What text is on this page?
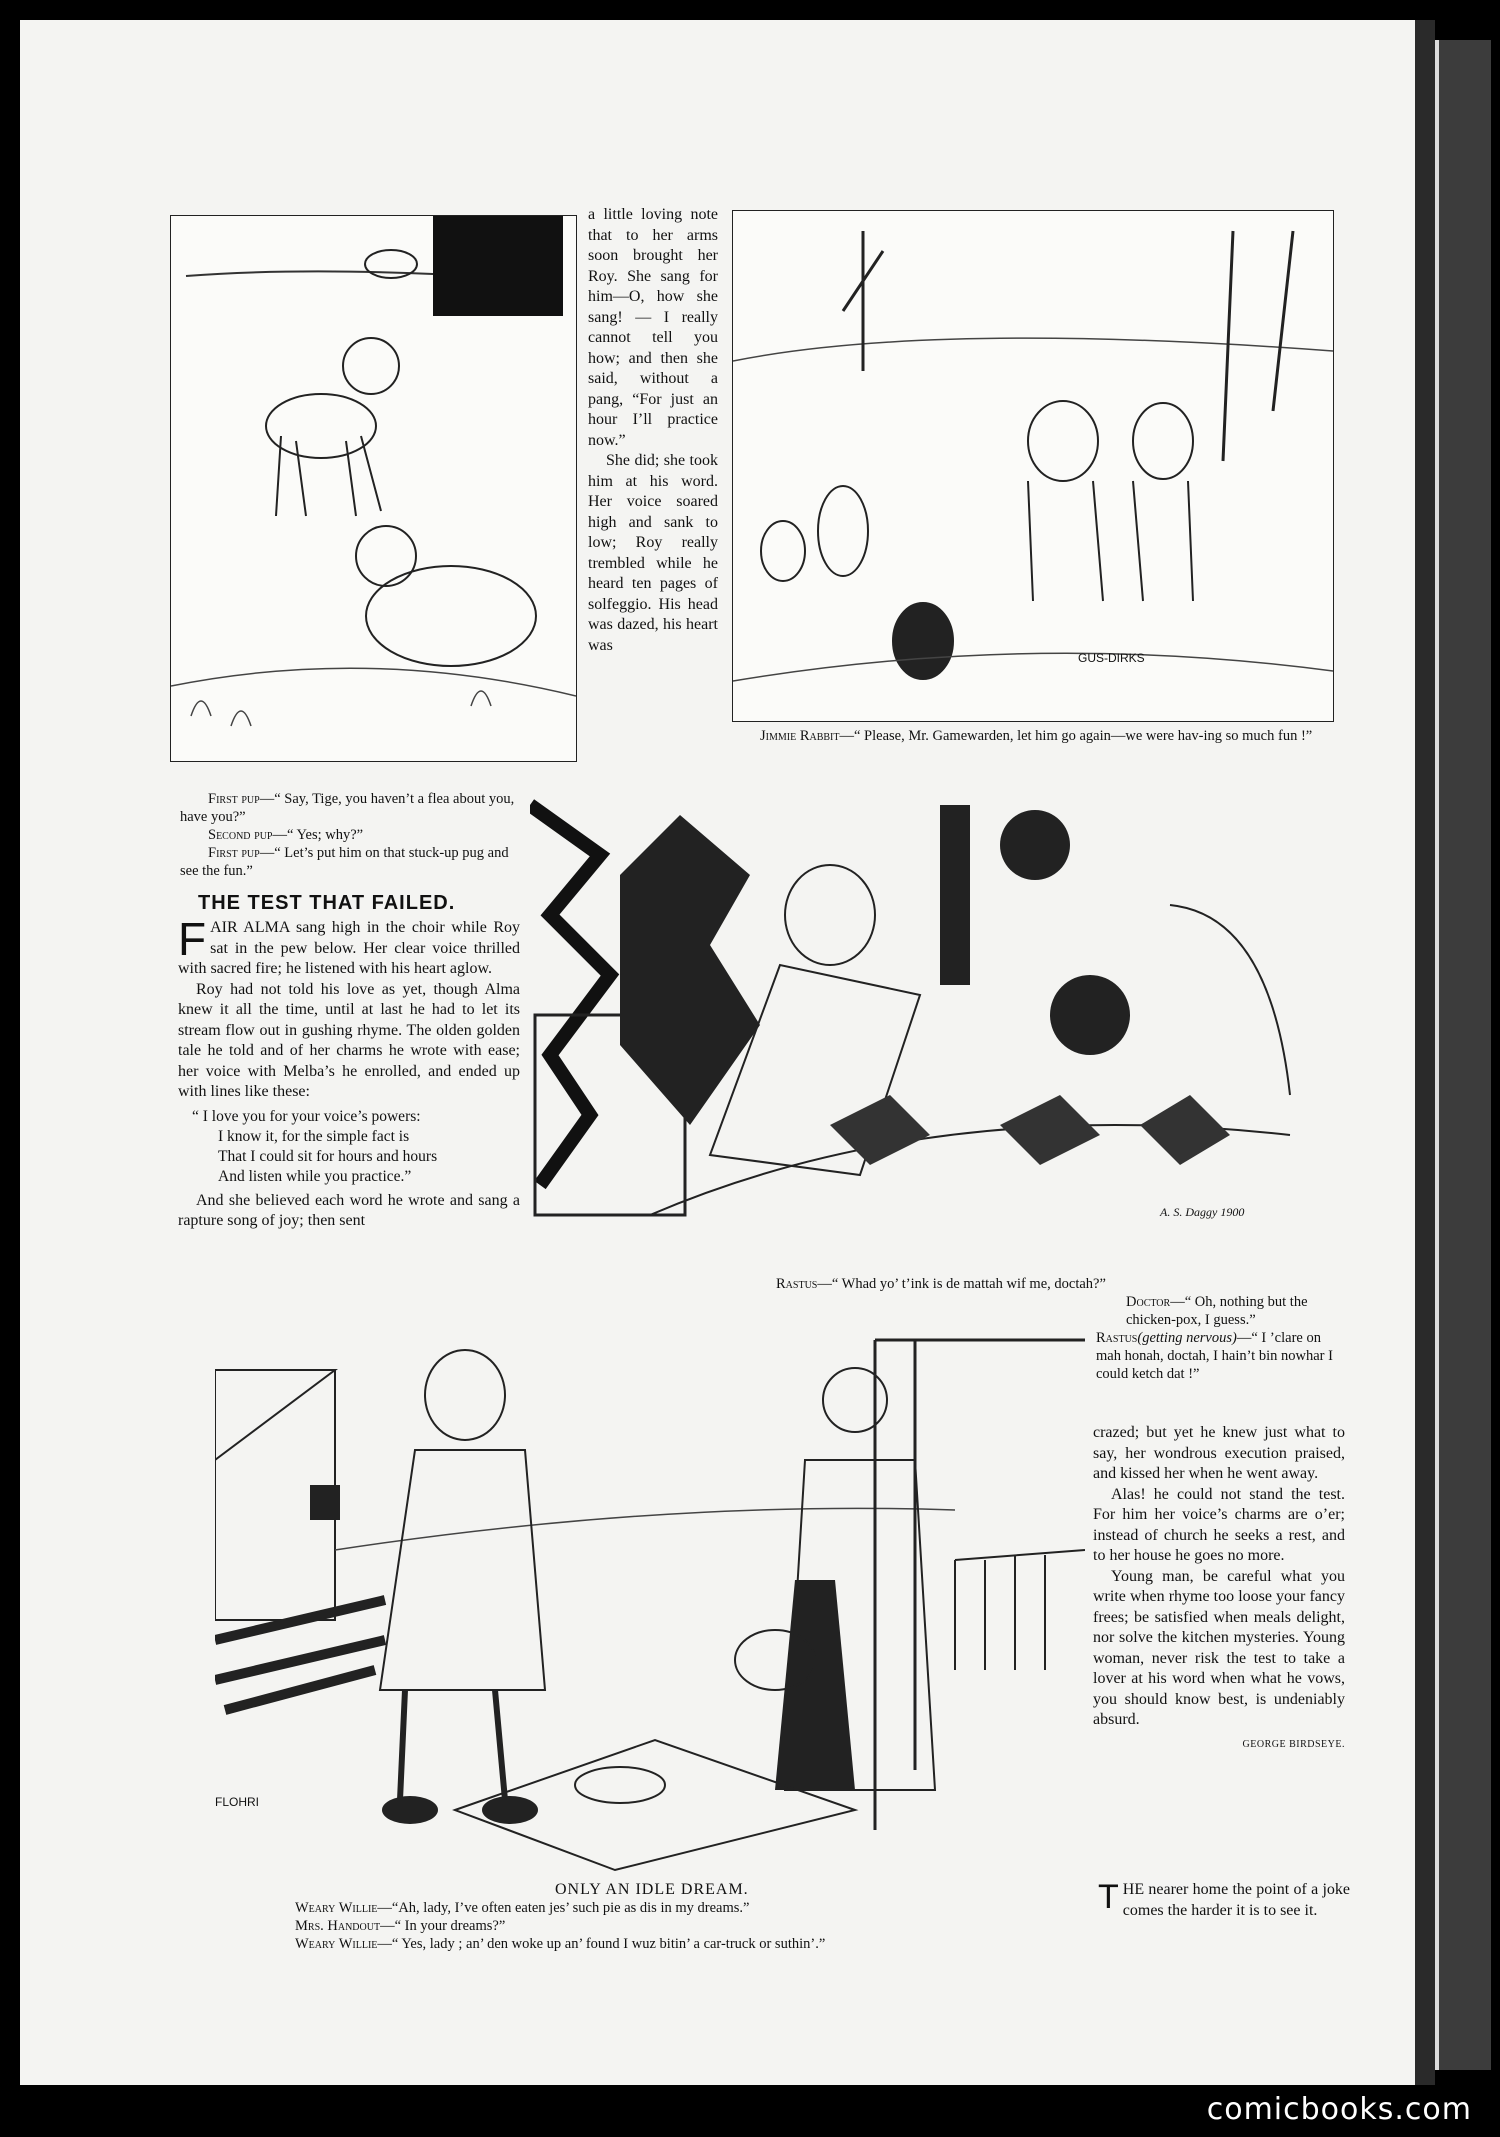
a little loving note that to her arms soon brought her Roy. She sang for him—O, how she sang! — I really cannot tell you how; and then she said, without a pang, “For just an hour I’ll practice now.”

She did; she took him at his word. Her voice soared high and sank to low; Roy really trembled while he heard ten pages of solfeggio. His head was dazed, his heart was

GUS-DIRKS
Jimmie Rabbit—“ Please, Mr. Gamewarden, let him go again—we were hav-ing so much fun !”
First pup—“ Say, Tige, you haven’t a flea about you, have you?”
Second pup—“ Yes; why?”
First pup—“ Let’s put him on that stuck-up pug and see the fun.”
THE TEST THAT FAILED.

FAIR ALMA sang high in the choir while Roy sat in the pew below. Her clear voice thrilled with sacred fire; he listened with his heart aglow.

Roy had not told his love as yet, though Alma knew it all the time, until at last he had to let its stream flow out in gushing rhyme. The olden golden tale he told and of her charms he wrote with ease; her voice with Melba’s he enrolled, and ended up with lines like these:

“ I love you for your voice’s powers:
I know it, for the simple fact is
That I could sit for hours and hours
And listen while you practice.”

And she believed each word he wrote and sang a rapture song of joy; then sent	A. S. Daggy 1900
Rastus—“ Whad yo’ t’ink is de mattah wif me, doctah?”
Doctor—“ Oh, nothing but the chicken-pox, I guess.”
Rastus(getting nervous)—“ I ’clare on mah honah, doctah, I hain’t bin nowhar I could ketch dat !”
FLOHRI

crazed; but yet he knew just what to say, her wondrous execution praised, and kissed her when he went away.

Alas! he could not stand the test. For him her voice’s charms are o’er; instead of church he seeks a rest, and to her house he goes no more.

Young man, be careful what you write when rhyme too loose your fancy frees; be satisfied when meals delight, nor solve the kitchen mysteries. Young woman, never risk the test to take a lover at his word when what he vows, you should know best, is undeniably absurd.

GEORGE BIRDSEYE.
ONLY AN IDLE DREAM.
Weary Willie—“Ah, lady, I’ve often eaten jes’ such pie as dis in my dreams.”
Mrs. Handout—“ In your dreams?”
Weary Willie—“ Yes, lady ; an’ den woke up an’ found I wuz bitin’ a car-truck or suthin’.”

THE nearer home the point of a joke comes the harder it is to see it.

comicbooks.com
